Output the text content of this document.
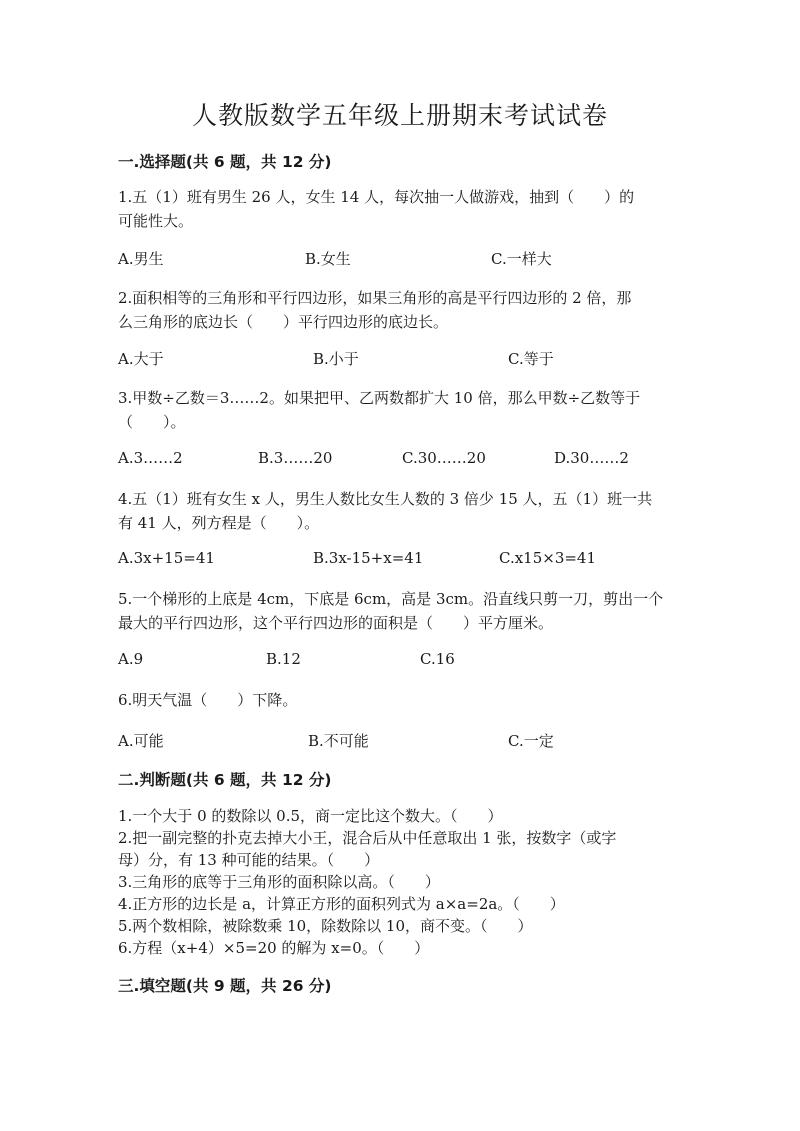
人教版数学五年级上册期末考试试卷
一.选择题(共 6 题，共 12 分)
1.五（1）班有男生 26 人，女生 14 人，每次抽一人做游戏，抽到（　　）的
可能性大。
A.男生	B.女生	C.一样大
2.面积相等的三角形和平行四边形，如果三角形的高是平行四边形的 2 倍，那
么三角形的底边长（　　）平行四边形的底边长。
A.大于	B.小于	C.等于
3.甲数÷乙数＝3……2。如果把甲、乙两数都扩大 10 倍，那么甲数÷乙数等于
（　　）。
A.3……2	B.3……20	C.30……20	D.30……2
4.五（1）班有女生 x 人，男生人数比女生人数的 3 倍少 15 人，五（1）班一共
有 41 人，列方程是（　　）。
A.3x+15=41	B.3x-15+x=41	C.x15×3=41
5.一个梯形的上底是 4cm，下底是 6cm，高是 3cm。沿直线只剪一刀，剪出一个
最大的平行四边形，这个平行四边形的面积是（　　）平方厘米。
A.9	B.12	C.16
6.明天气温（　　）下降。
A.可能	B.不可能	C.一定
二.判断题(共 6 题，共 12 分)
1.一个大于 0 的数除以 0.5，商一定比这个数大。（　　）
2.把一副完整的扑克去掉大小王，混合后从中任意取出 1 张，按数字（或字
母）分，有 13 种可能的结果。（　　）
3.三角形的底等于三角形的面积除以高。（　　）
4.正方形的边长是 a，计算正方形的面积列式为 a×a=2a。（　　）
5.两个数相除，被除数乘 10，除数除以 10，商不变。（　　）
6.方程（x+4）×5=20 的解为 x=0。（　　）
三.填空题(共 9 题，共 26 分)
